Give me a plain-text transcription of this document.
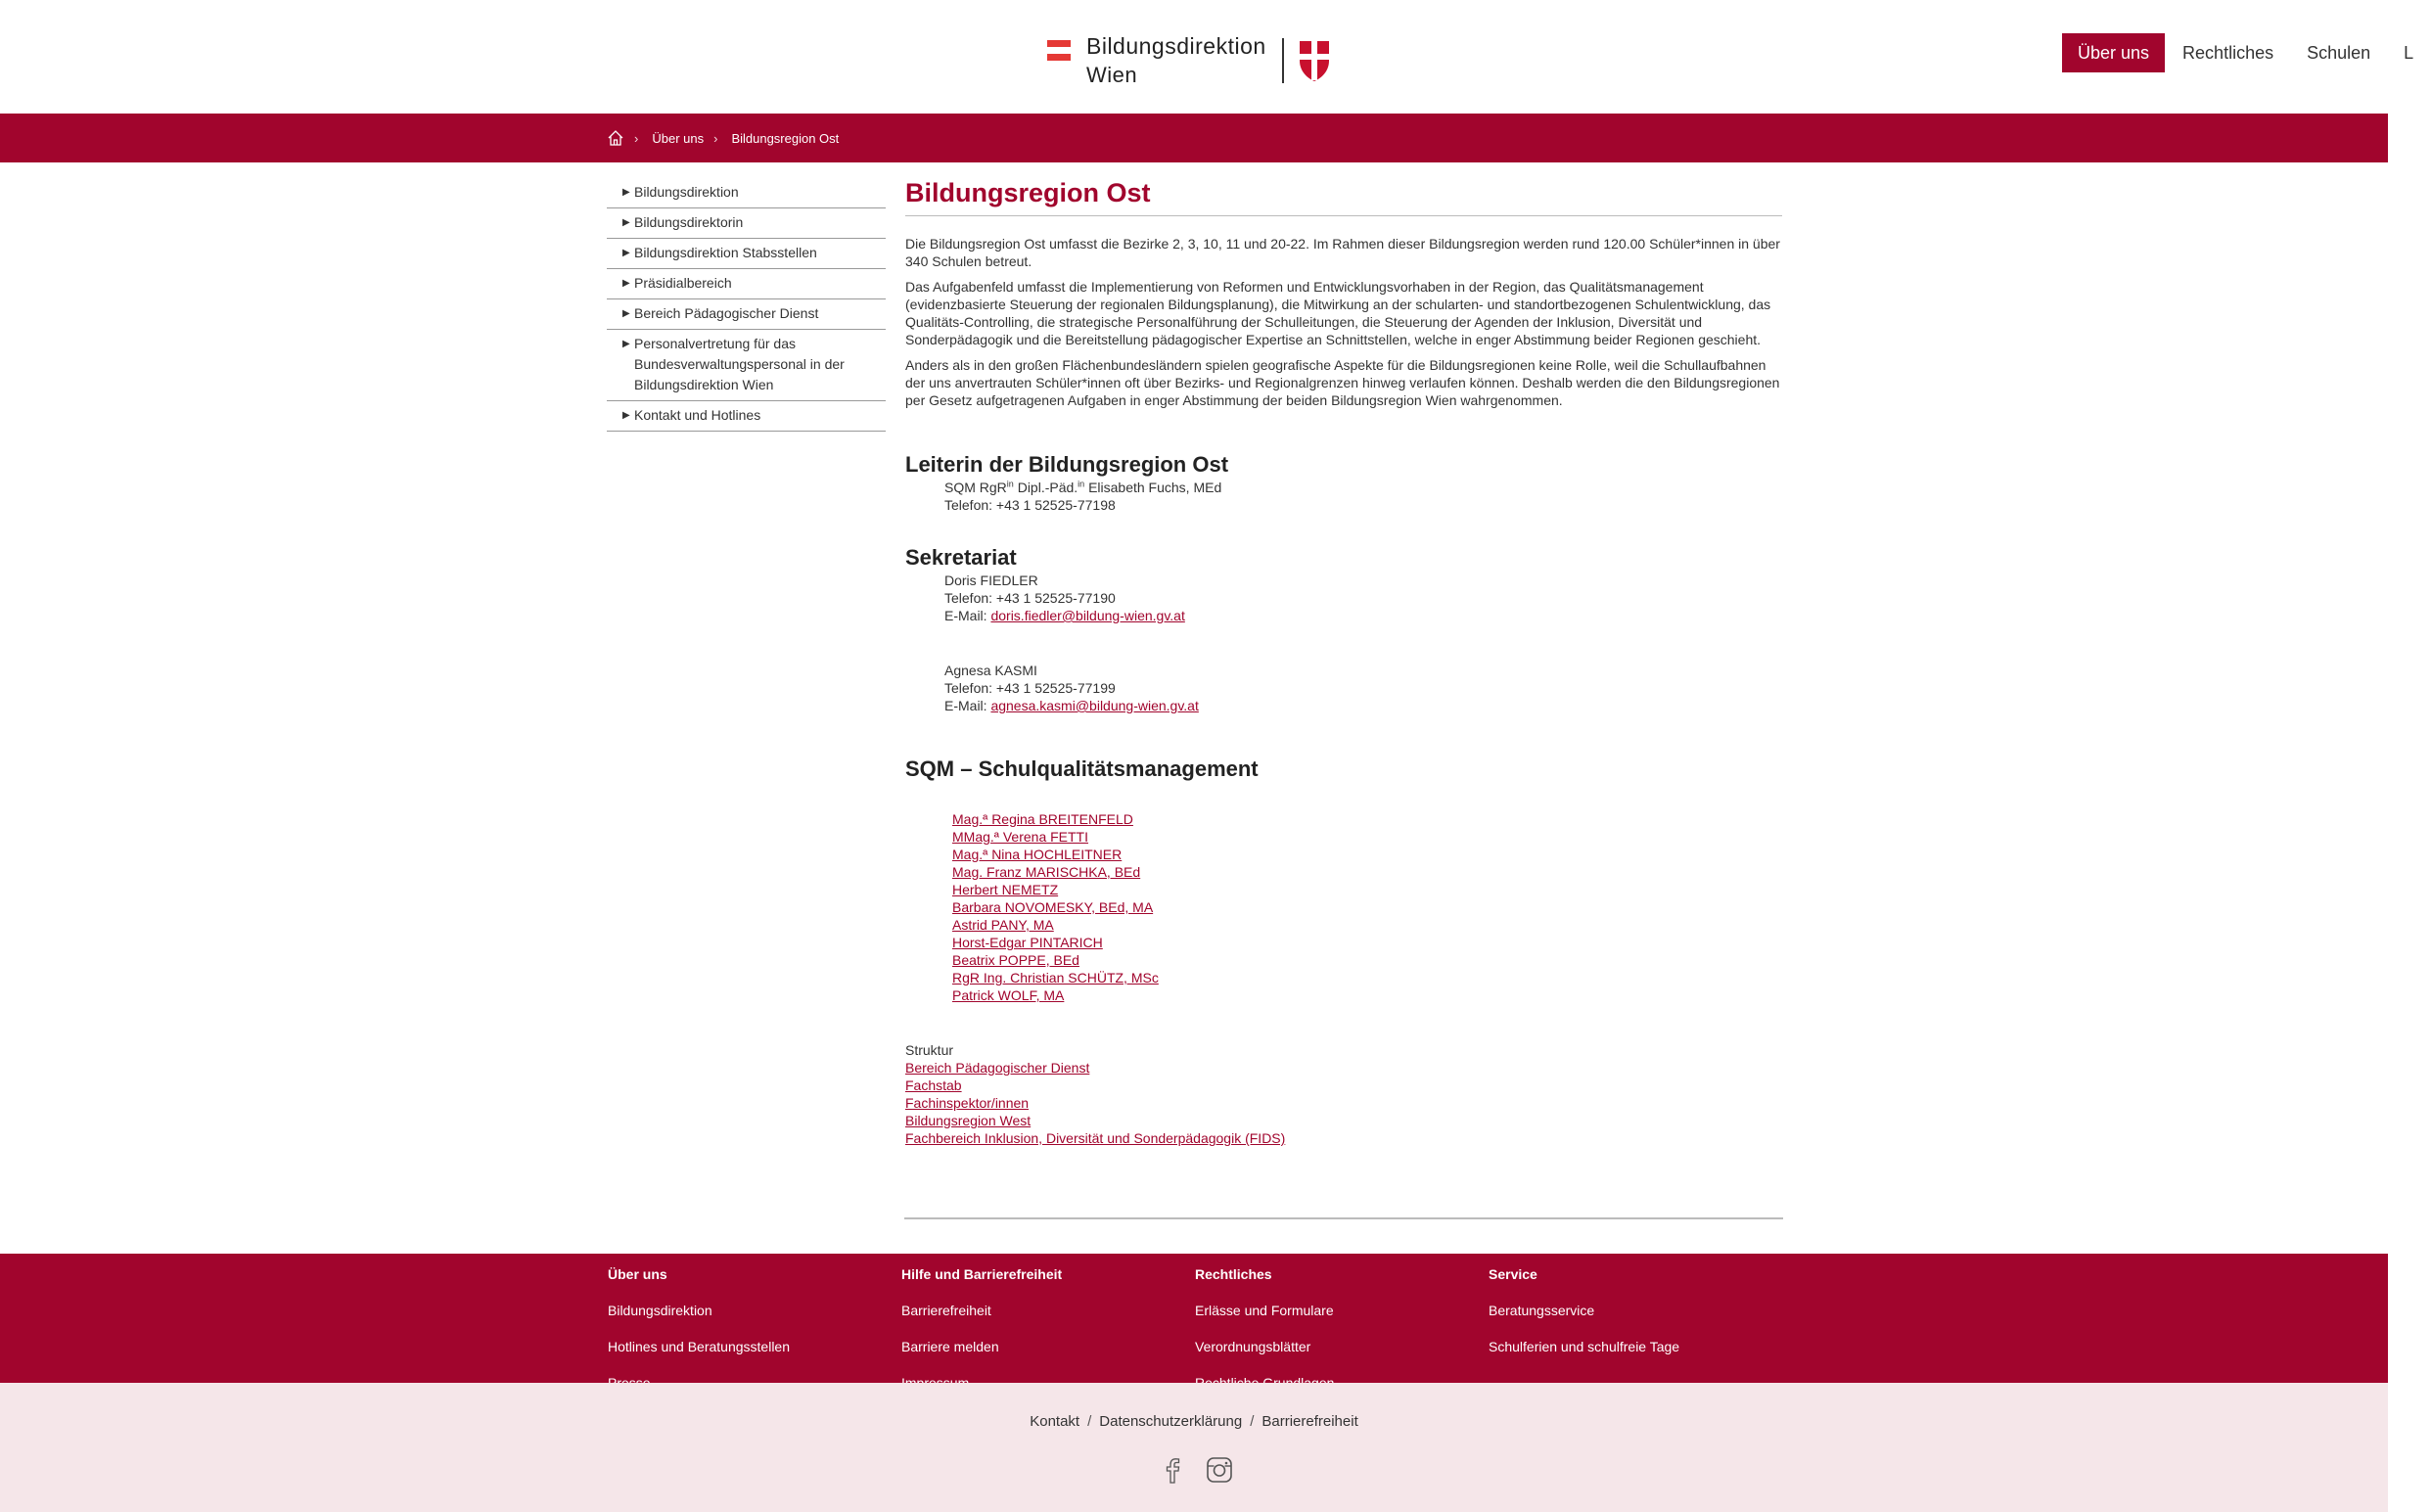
Bildungsdirektion
Wien
Über uns	Rechtliches	Schulen	L
› Über uns › Bildungsregion Ost
▶ Bildungsdirektion
▶ Bildungsdirektorin
▶ Bildungsdirektion Stabsstellen
▶ Präsidialbereich
▶ Bereich Pädagogischer Dienst
▶ Personalvertretung für das Bundesverwaltungspersonal in der Bildungsdirektion Wien
▶ Kontakt und Hotlines
Bildungsregion Ost

Die Bildungsregion Ost umfasst die Bezirke 2, 3, 10, 11 und 20-22. Im Rahmen dieser Bildungsregion werden rund 120.00 Schüler*innen in über 340 Schulen betreut.

Das Aufgabenfeld umfasst die Implementierung von Reformen und Entwicklungsvorhaben in der Region, das Qualitätsmanagement (evidenzbasierte Steuerung der regionalen Bildungsplanung), die Mitwirkung an der schularten- und standortbezogenen Schulentwicklung, das Qualitäts-Controlling, die strategische Personalführung der Schulleitungen, die Steuerung der Agenden der Inklusion, Diversität und Sonderpädagogik und die Bereitstellung pädagogischer Expertise an Schnittstellen, welche in enger Abstimmung beider Regionen geschieht.

Anders als in den großen Flächenbundesländern spielen geografische Aspekte für die Bildungsregionen keine Rolle, weil die Schullaufbahnen der uns anvertrauten Schüler*innen oft über Bezirks- und Regionalgrenzen hinweg verlaufen können. Deshalb werden die den Bildungsregionen per Gesetz aufgetragenen Aufgaben in enger Abstimmung der beiden Bildungsregion Wien wahrgenommen.

Leiterin der Bildungsregion Ost
SQM RgR$^{in}$ Dipl.-Päd.$^{in}$ Elisabeth Fuchs, MEd
Telefon: +43 1 52525-77198
Sekretariat
Doris FIEDLER
Telefon: +43 1 52525-77190
E-Mail: doris.fiedler@bildung-wien.gv.at
Agnesa KASMI
Telefon: +43 1 52525-77199
E-Mail: agnesa.kasmi@bildung-wien.gv.at
SQM – Schulqualitätsmanagement
Mag.ª Regina BREITENFELD
MMag.ª Verena FETTI
Mag.ª Nina HOCHLEITNER
Mag. Franz MARISCHKA, BEd
Herbert NEMETZ
Barbara NOVOMESKY, BEd, MA
Astrid PANY, MA
Horst-Edgar PINTARICH
Beatrix POPPE, BEd
RgR Ing. Christian SCHÜTZ, MSc
Patrick WOLF, MA
Struktur
Bereich Pädagogischer Dienst
Fachstab
Fachinspektor/innen
Bildungsregion West
Fachbereich Inklusion, Diversität und Sonderpädagogik (FIDS)
Über uns
Bildungsdirektion
Hotlines und Beratungsstellen
Hilfe und Barrierefreiheit
Barrierefreiheit
Barriere melden
Rechtliches
Erlässe und Formulare
Verordnungsblätter
Service
Beratungsservice
Schulferien und schulfreie Tage
Kontakt / Datenschutzerklärung / Barrierefreiheit
